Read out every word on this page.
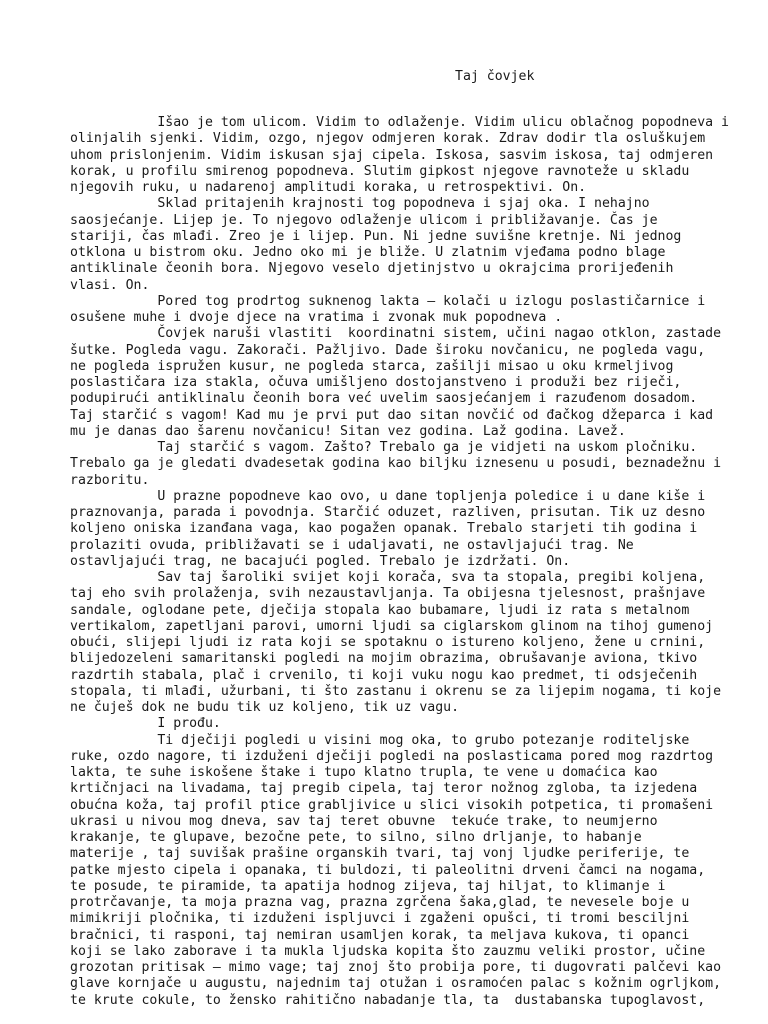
Taj čovjek
Išao je tom ulicom. Vidim to odlaženje. Vidim ulicu oblačnog popodneva i
olinjalih sjenki. Vidim, ozgo, njegov odmjeren korak. Zdrav dodir tla osluškujem
uhom prislonjenim. Vidim iskusan sjaj cipela. Iskosa, sasvim iskosa, taj odmjeren
korak, u profilu smirenog popodneva. Slutim gipkost njegove ravnoteže u skladu
njegovih ruku, u nadarenoj amplitudi koraka, u retrospektivi. On.
Sklad pritajenih krajnosti tog popodneva i sjaj oka. I nehajno
saosjećanje. Lijep je. To njegovo odlaženje ulicom i približavanje. Čas je
stariji, čas mlađi. Zreo je i lijep. Pun. Ni jedne suvišne kretnje. Ni jednog
otklona u bistrom oku. Jedno oko mi je bliže. U zlatnim vjeđama podno blage
antiklinale čeonih bora. Njegovo veselo djetinjstvo u okrajcima prorijeđenih
vlasi. On.
Pored tog prodrtog suknenog lakta – kolači u izlogu poslastičarnice i
osušene muhe i dvoje djece na vratima i zvonak muk popodneva .
Čovjek naruši vlastiti  koordinatni sistem, učini nagao otklon, zastade
šutke. Pogleda vagu. Zakorači. Pažljivo. Dade široku novčanicu, ne pogleda vagu,
ne pogleda ispružen kusur, ne pogleda starca, zašilji misao u oku krmeljivog
poslastičara iza stakla, očuva umišljeno dostojanstveno i produži bez riječi,
podupirući antiklinalu čeonih bora već uvelim saosjećanjem i razuđenom dosadom.
Taj starčić s vagom! Kad mu je prvi put dao sitan novčić od đačkog džeparca i kad
mu je danas dao šarenu novčanicu! Sitan vez godina. Laž godina. Lavež.
Taj starčić s vagom. Zašto? Trebalo ga je vidjeti na uskom pločniku.
Trebalo ga je gledati dvadesetak godina kao biljku iznesenu u posudi, beznadežnu i
razboritu.
U prazne popodneve kao ovo, u dane topljenja poledice i u dane kiše i
praznovanja, parada i povodnja. Starčić oduzet, razliven, prisutan. Tik uz desno
koljeno oniska izanđana vaga, kao pogažen opanak. Trebalo starjeti tih godina i
prolaziti ovuda, približavati se i udaljavati, ne ostavljajući trag. Ne
ostavljajući trag, ne bacajući pogled. Trebalo je izdržati. On.
Sav taj šaroliki svijet koji korača, sva ta stopala, pregibi koljena,
taj eho svih prolaženja, svih nezaustavljanja. Ta obijesna tjelesnost, prašnjave
sandale, oglodane pete, dječija stopala kao bubamare, ljudi iz rata s metalnom
vertikalom, zapetljani parovi, umorni ljudi sa ciglarskom glinom na tihoj gumenoj
obući, slijepi ljudi iz rata koji se spotaknu o istureno koljeno, žene u crnini,
blijedozeleni samaritanski pogledi na mojim obrazima, obrušavanje aviona, tkivo
razdrtih stabala, plač i crvenilo, ti koji vuku nogu kao predmet, ti odsječenih
stopala, ti mlađi, užurbani, ti što zastanu i okrenu se za lijepim nogama, ti koje
ne čuješ dok ne budu tik uz koljeno, tik uz vagu.
I prođu.
Ti dječiji pogledi u visini mog oka, to grubo potezanje roditeljske
ruke, ozdo nagore, ti izduženi dječiji pogledi na poslasticama pored mog razdrtog
lakta, te suhe iskošene štake i tupo klatno trupla, te vene u domaćica kao
krtičnjaci na livadama, taj pregib cipela, taj teror nožnog zgloba, ta izjedena
obućna koža, taj profil ptice grabljivice u slici visokih potpetica, ti promašeni
ukrasi u nivou mog dneva, sav taj teret obuvne  tekuće trake, to neumjerno
krakanje, te glupave, bezočne pete, to silno, silno drljanje, to habanje
materije , taj suvišak prašine organskih tvari, taj vonj ljudke periferije, te
patke mjesto cipela i opanaka, ti buldozi, ti paleolitni drveni čamci na nogama,
te posude, te piramide, ta apatija hodnog zijeva, taj hiljat, to klimanje i
protrčavanje, ta moja prazna vag, prazna zgrčena šaka,glad, te nevesele boje u
mimikriji pločnika, ti izduženi ispljuvci i zgaženi opušci, ti tromi besciljni
bračnici, ti rasponi, taj nemiran usamljen korak, ta meljava kukova, ti opanci
koji se lako zaborave i ta mukla ljudska kopita što zauzmu veliki prostor, učine
grozotan pritisak – mimo vage; taj znoj što probija pore, ti dugovrati palčevi kao
glave kornjače u augustu, najednim taj otužan i osramoćen palac s kožnim ogrljkom,
te krute cokule, to žensko rahitično nabadanje tla, ta  dustabanska tupoglavost,
